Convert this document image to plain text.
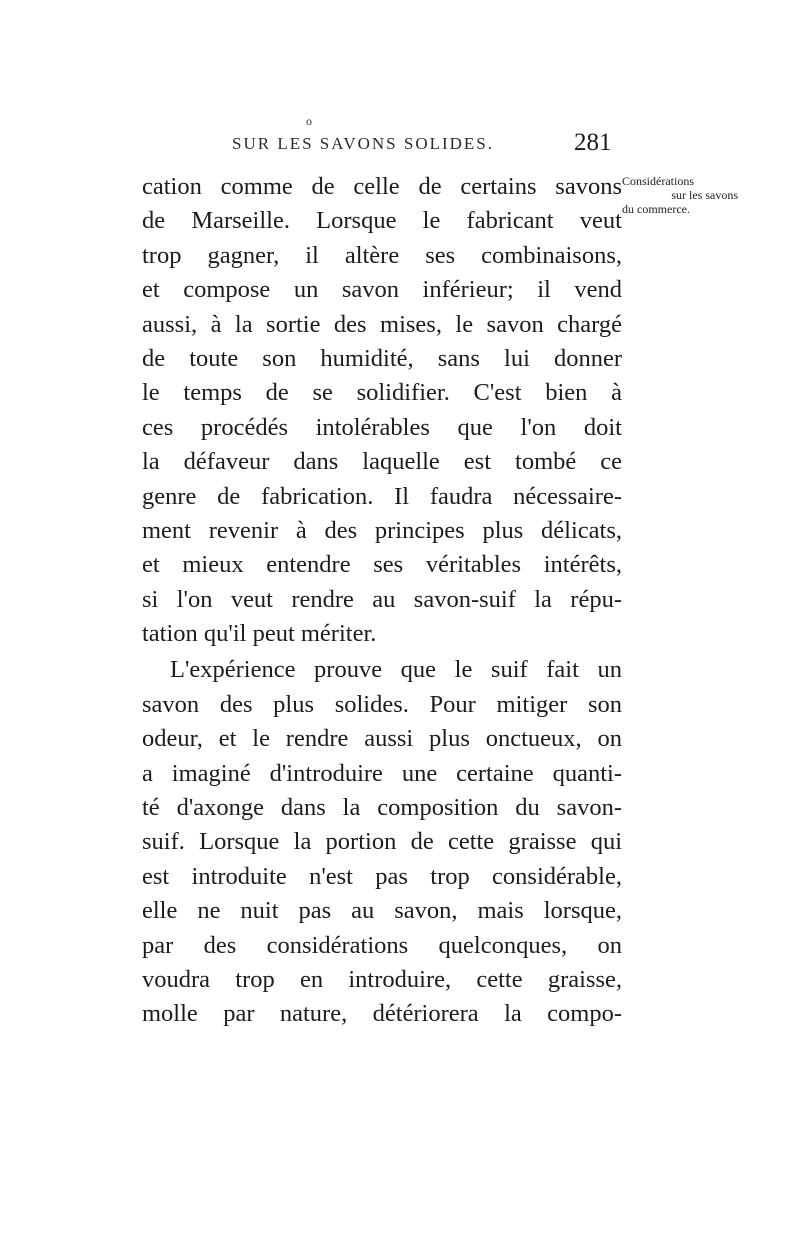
o
SUR LES SAVONS SOLIDES.	281
Considérations
sur les savons
du commerce.
cation comme de celle de certains savons
de Marseille. Lorsque le fabricant veut
trop gagner, il altère ses combinaisons,
et compose un savon inférieur; il vend
aussi, à la sortie des mises, le savon chargé
de toute son humidité, sans lui donner
le temps de se solidifier. C'est bien à
ces procédés intolérables que l'on doit
la défaveur dans laquelle est tombé ce
genre de fabrication. Il faudra nécessaire-
ment revenir à des principes plus délicats,
et mieux entendre ses véritables intérêts,
si l'on veut rendre au savon-suif la répu-
tation qu'il peut mériter.
L'expérience prouve que le suif fait un
savon des plus solides. Pour mitiger son
odeur, et le rendre aussi plus onctueux, on
a imaginé d'introduire une certaine quanti-
té d'axonge dans la composition du savon-
suif. Lorsque la portion de cette graisse qui
est introduite n'est pas trop considérable,
elle ne nuit pas au savon, mais lorsque,
par des considérations quelconques, on
voudra trop en introduire, cette graisse,
molle par nature, détériorera la compo-
